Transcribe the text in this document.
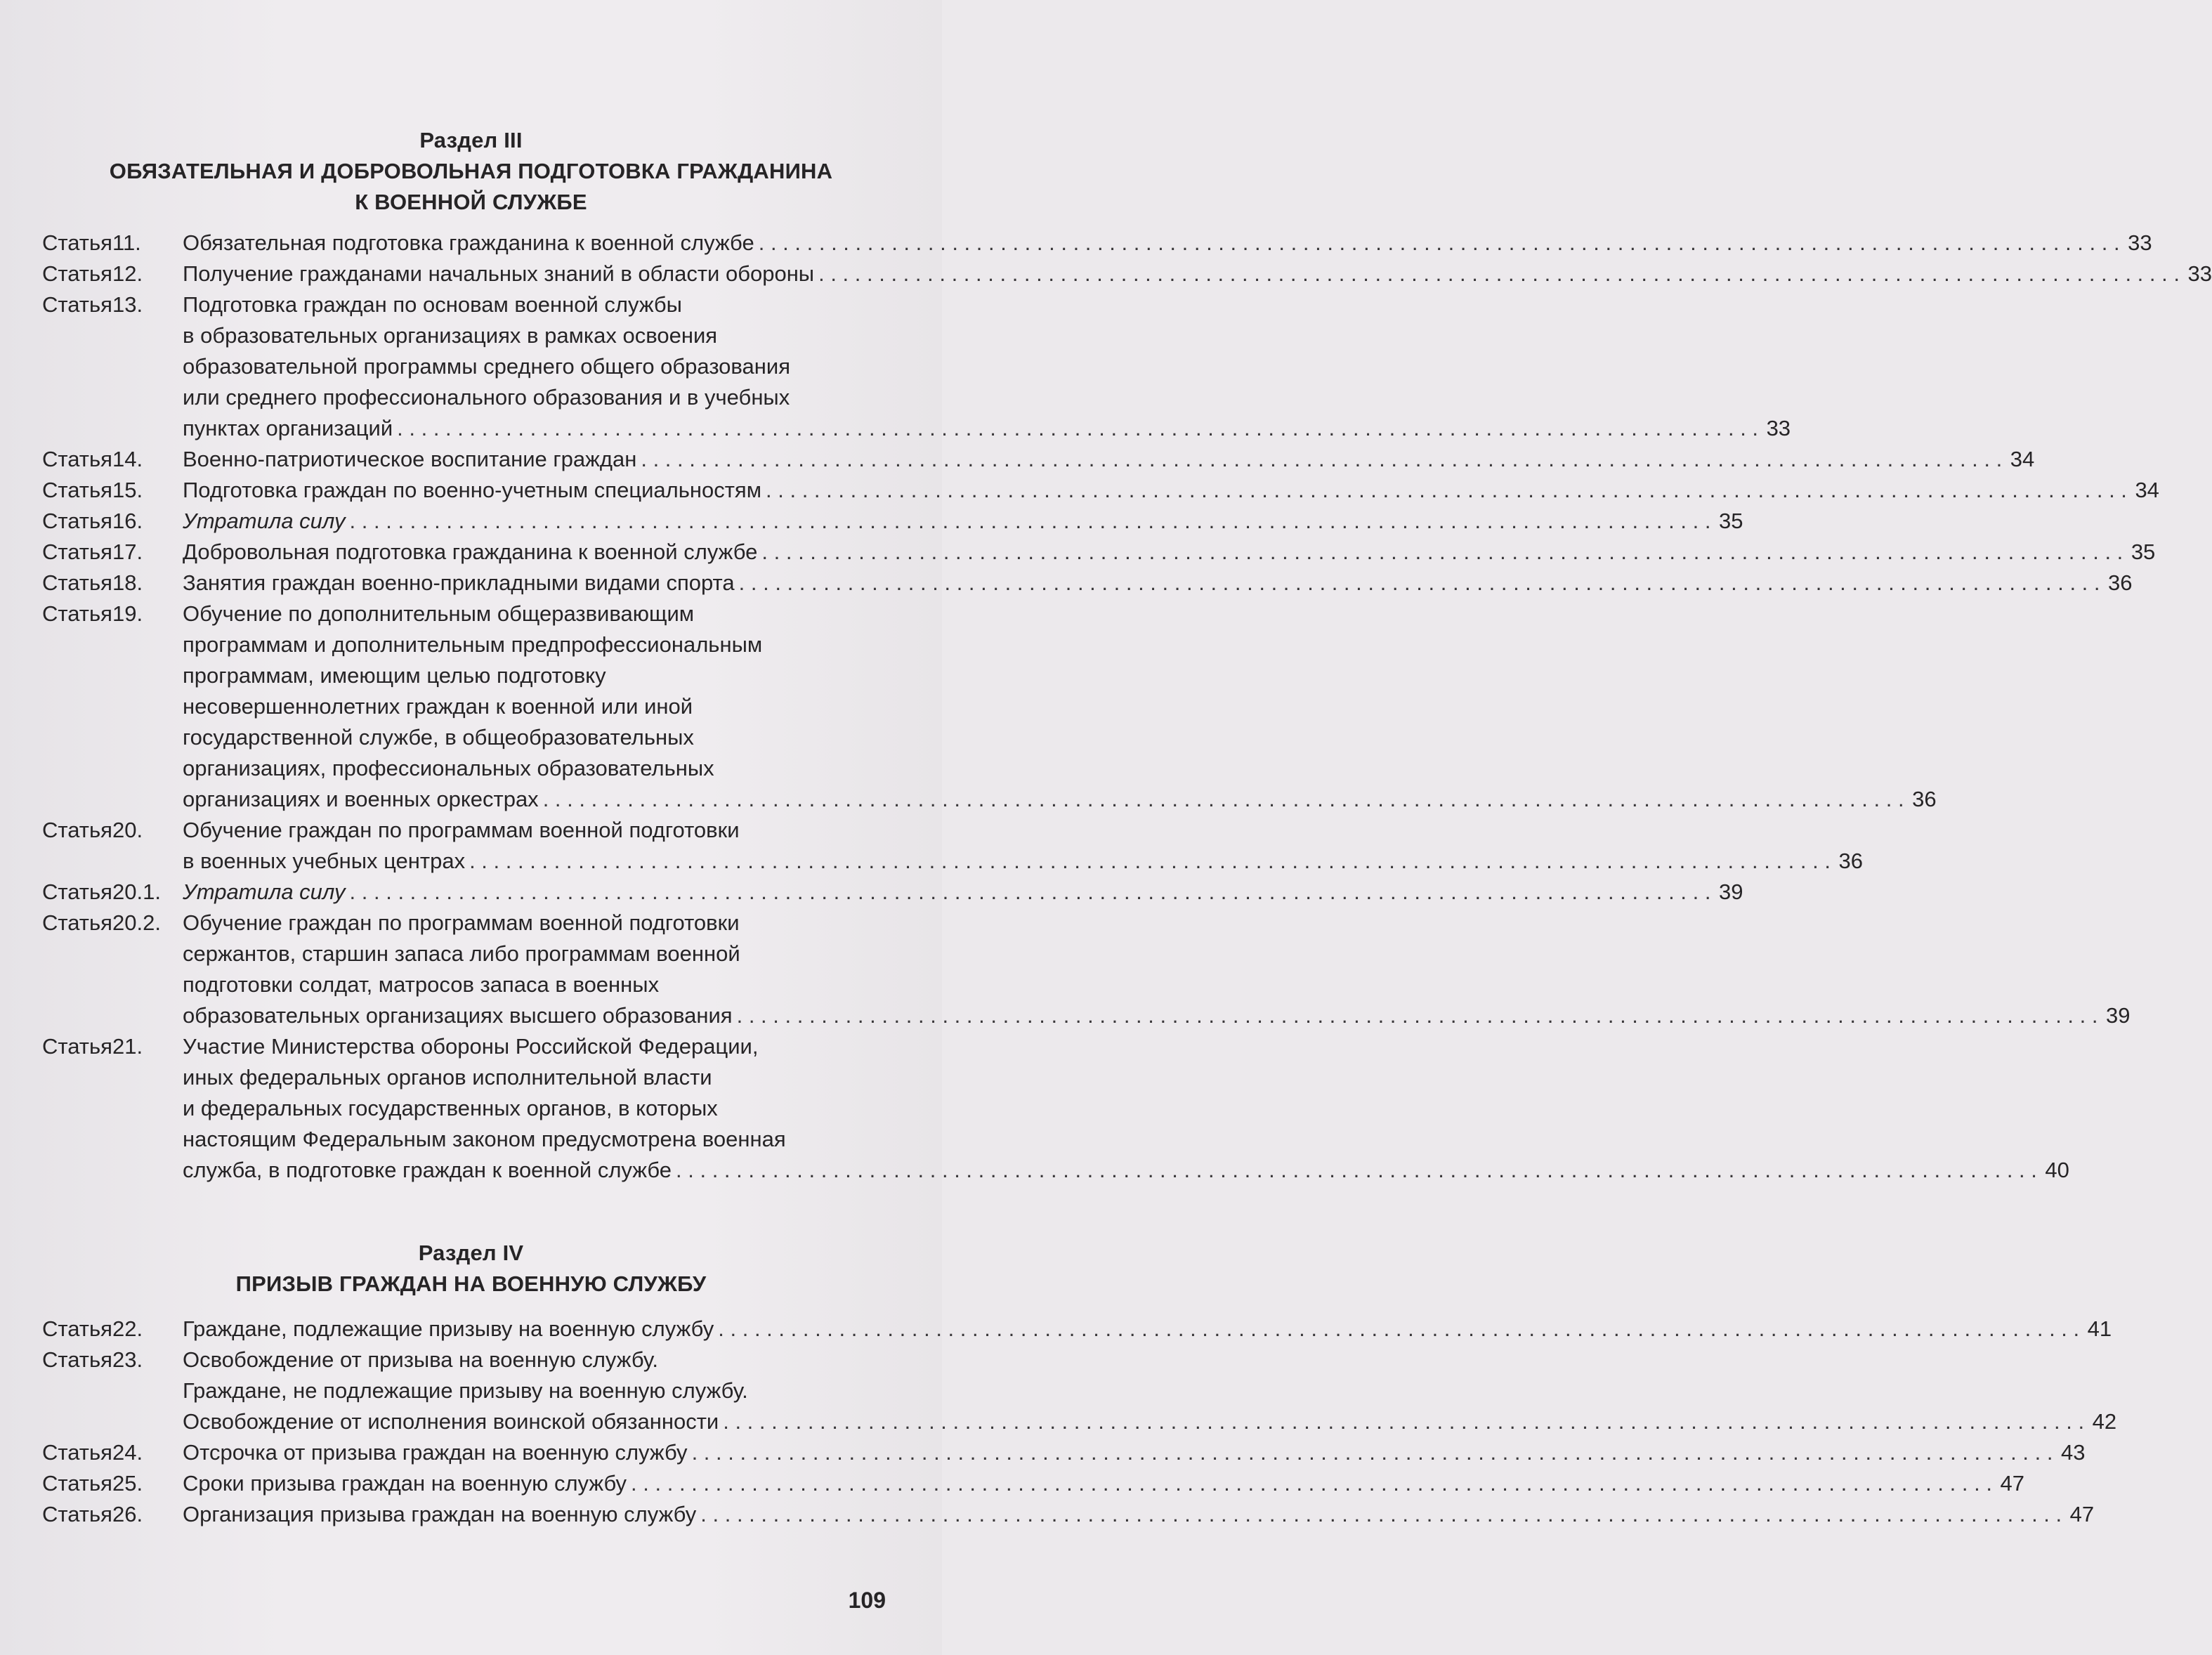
Раздел III
ОБЯЗАТЕЛЬНАЯ И ДОБРОВОЛЬНАЯ ПОДГОТОВКА ГРАЖДАНИНА
К ВОЕННОЙ СЛУЖБЕ
Статья 11.	Обязательная подготовка гражданина к военной службе . . .	33
Статья 12.	Получение гражданами начальных знаний в области обороны . . .	33
Статья 13.	Подготовка граждан по основам военной службы
в образовательных организациях в рамках освоения
образовательной программы среднего общего образования
или среднего профессионального образования и в учебных
пунктах организаций . . .	33
Статья 14.	Военно-патриотическое воспитание граждан . . .	34
Статья 15.	Подготовка граждан по военно-учетным специальностям . . .	34
Статья 16.	Утратила силу . . .	35
Статья 17.	Добровольная подготовка гражданина к военной службе . . .	35
Статья 18.	Занятия граждан военно-прикладными видами спорта . . .	36
Статья 19.	Обучение по дополнительным общеразвивающим
программам и дополнительным предпрофессиональным
программам, имеющим целью подготовку
несовершеннолетних граждан к военной или иной
государственной службе, в общеобразовательных
организациях, профессиональных образовательных
организациях и военных оркестрах . . .	36
Статья 20.	Обучение граждан по программам военной подготовки
в военных учебных центрах . . .	36
Статья 20.1.	Утратила силу . . .	39
Статья 20.2.	Обучение граждан по программам военной подготовки
сержантов, старшин запаса либо программам военной
подготовки солдат, матросов запаса в военных
образовательных организациях высшего образования . . .	39
Статья 21.	Участие Министерства обороны Российской Федерации,
иных федеральных органов исполнительной власти
и федеральных государственных органов, в которых
настоящим Федеральным законом предусмотрена военная
служба, в подготовке граждан к военной службе . . .	40
Раздел IV
ПРИЗЫВ ГРАЖДАН НА ВОЕННУЮ СЛУЖБУ
Статья 22.	Граждане, подлежащие призыву на военную службу . . .	41
Статья 23.	Освобождение от призыва на военную службу.
Граждане, не подлежащие призыву на военную службу.
Освобождение от исполнения воинской обязанности . . .	42
Статья 24.	Отсрочка от призыва граждан на военную службу . . .	43
Статья 25.	Сроки призыва граждан на военную службу . . .	47
Статья 26.	Организация призыва граждан на военную службу . . .	47
109
